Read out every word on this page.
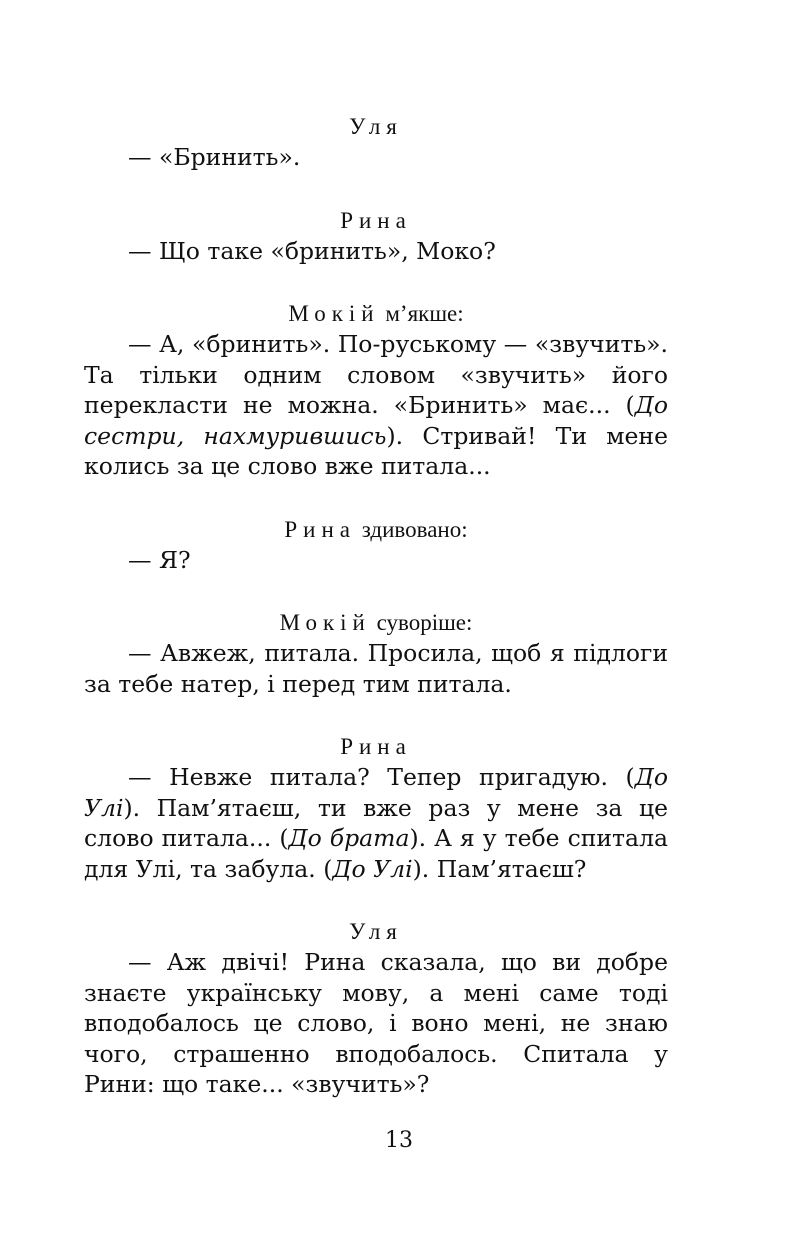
Уля

— «Бринить».

Рина

— Що таке «бринить», Моко?

Мокій м’якше:

— А, «бринить». По-руському — «звучить». Та тільки одним словом «звучить» його перекласти не можна. «Бринить» має... (До сестри, нахмурившись). Стривай! Ти мене колись за це слово вже питала...

Рина здивовано:

— Я?

Мокій суворіше:

— Авжеж, питала. Просила, щоб я підлоги за тебе натер, і перед тим питала.

Рина

— Невже питала? Тепер пригадую. (До Улі). Пам’ятаєш, ти вже раз у мене за це слово питала... (До брата). А я у тебе спитала для Улі, та забула. (До Улі). Пам’ятаєш?

Уля

— Аж двічі! Рина сказала, що ви добре знаєте українську мову, а мені саме тоді вподобалось це слово, і воно мені, не знаю чого, страшенно вподобалось. Спитала у Рини: що таке... «звучить»?

13
